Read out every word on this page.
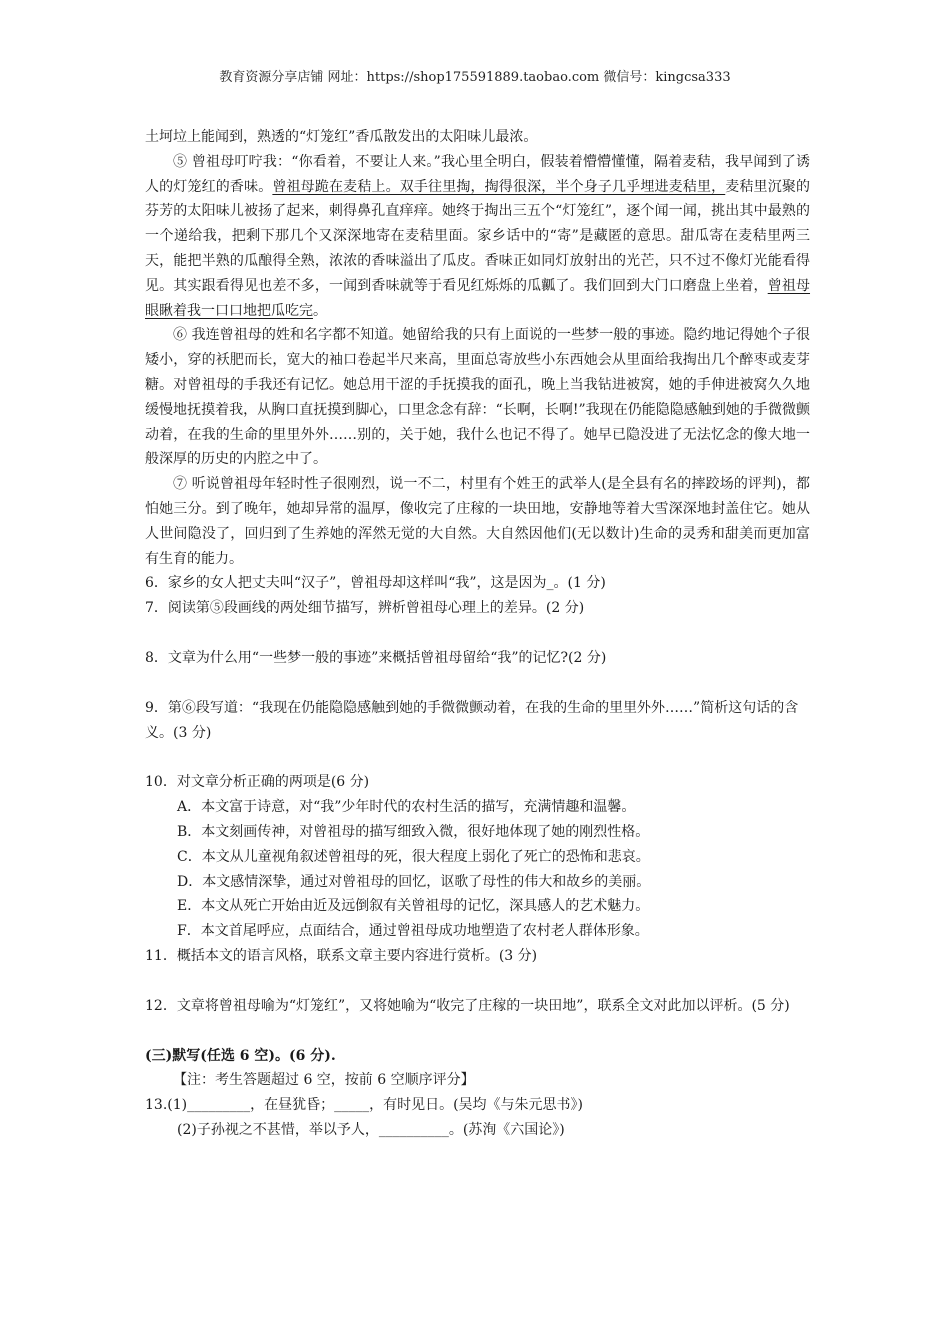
教育资源分享店铺 网址：https://shop175591889.taobao.com 微信号：kingcsa333

土坷垃上能闻到，熟透的“灯笼红”香瓜散发出的太阳味儿最浓。

⑤ 曾祖母叮咛我：“你看着，不要让人来。”我心里全明白，假装着懵懵懂懂，隔着麦秸，我早闻到了诱人的灯笼红的香味。曾祖母跪在麦秸上。双手往里掏，掏得很深，半个身子几乎埋进麦秸里，麦秸里沉聚的芬芳的太阳味儿被扬了起来，刺得鼻孔直痒痒。她终于掏出三五个“灯笼红”，逐个闻一闻，挑出其中最熟的一个递给我，把剩下那几个又深深地寄在麦秸里面。家乡话中的“寄”是藏匿的意思。甜瓜寄在麦秸里两三天，能把半熟的瓜酿得全熟，浓浓的香味溢出了瓜皮。香味正如同灯放射出的光芒，只不过不像灯光能看得见。其实跟看得见也差不多，一闻到香味就等于看见红烁烁的瓜瓤了。我们回到大门口磨盘上坐着，曾祖母眼瞅着我一口口地把瓜吃完。

⑥ 我连曾祖母的姓和名字都不知道。她留给我的只有上面说的一些梦一般的事迹。隐约地记得她个子很矮小，穿的袄肥而长，宽大的袖口卷起半尺来高，里面总寄放些小东西她会从里面给我掏出几个醉枣或麦芽糖。对曾祖母的手我还有记忆。她总用干涩的手抚摸我的面孔，晚上当我钻进被窝，她的手伸进被窝久久地缓慢地抚摸着我，从胸口直抚摸到脚心，口里念念有辞：“长啊，长啊!”我现在仍能隐隐感触到她的手微微颤动着，在我的生命的里里外外……别的，关于她，我什么也记不得了。她早已隐没进了无法忆念的像大地一般深厚的历史的内腔之中了。

⑦ 听说曾祖母年轻时性子很刚烈，说一不二，村里有个姓王的武举人(是全县有名的摔跤场的评判)，都怕她三分。到了晚年，她却异常的温厚，像收完了庄稼的一块田地，安静地等着大雪深深地封盖住它。她从人世间隐没了，回归到了生养她的浑然无觉的大自然。大自然因他们(无以数计)生命的灵秀和甜美而更加富有生育的能力。

6．家乡的女人把丈夫叫“汉子”，曾祖母却这样叫“我”，这是因为_。(1 分)

7．阅读第⑤段画线的两处细节描写，辨析曾祖母心理上的差异。(2 分)

8．文章为什么用“一些梦一般的事迹”来概括曾祖母留给“我”的记忆?(2 分)

9．第⑥段写道：“我现在仍能隐隐感触到她的手微微颤动着，在我的生命的里里外外……”简析这句话的含义。(3 分)

10．对文章分析正确的两项是(6 分)

A．本文富于诗意，对“我”少年时代的农村生活的描写，充满情趣和温馨。

B．本文刻画传神，对曾祖母的描写细致入微，很好地体现了她的刚烈性格。

C．本文从儿童视角叙述曾祖母的死，很大程度上弱化了死亡的恐怖和悲哀。

D．本文感情深挚，通过对曾祖母的回忆，讴歌了母性的伟大和故乡的美丽。

E．本文从死亡开始由近及远倒叙有关曾祖母的记忆，深具感人的艺术魅力。

F．本文首尾呼应，点面结合，通过曾祖母成功地塑造了农村老人群体形象。

11．概括本文的语言风格，联系文章主要内容进行赏析。(3 分)

12．文章将曾祖母喻为“灯笼红”，又将她喻为“收完了庄稼的一块田地”，联系全文对此加以评析。(5 分)

(三)默写(任选 6 空)。(6 分).

【注：考生答题超过 6 空，按前 6 空顺序评分】

13.(1)_________，在昼犹昏；_____，有时见日。(吴均《与朱元思书》)

(2)子孙视之不甚惜，举以予人，__________。(苏洵《六国论》)
